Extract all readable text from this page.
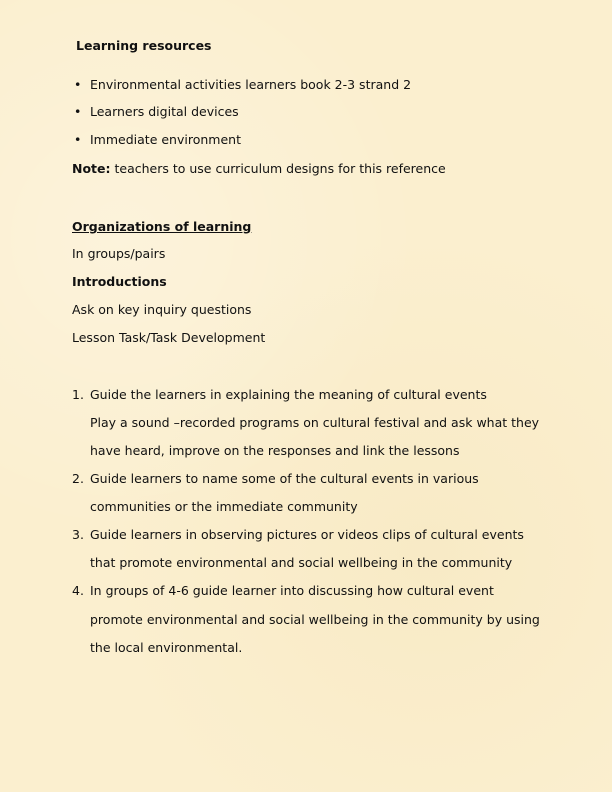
Learning resources
• Environmental activities learners book 2-3 strand 2
• Learners digital devices
• Immediate environment
Note: teachers to use curriculum designs for this reference
Organizations of learning
In groups/pairs
Introductions
Ask on key inquiry questions
Lesson Task/Task Development
1. Guide the learners in explaining the meaning of cultural events
Play a sound –recorded programs on cultural festival and ask what they
have heard, improve on the responses and link the lessons
2. Guide learners to name some of the cultural events in various
communities or the immediate community
3. Guide learners in observing pictures or videos clips of cultural events
that promote environmental and social wellbeing in the community
4. In groups of 4-6 guide learner into discussing how cultural event
promote environmental and social wellbeing in the community by using
the local environmental.
